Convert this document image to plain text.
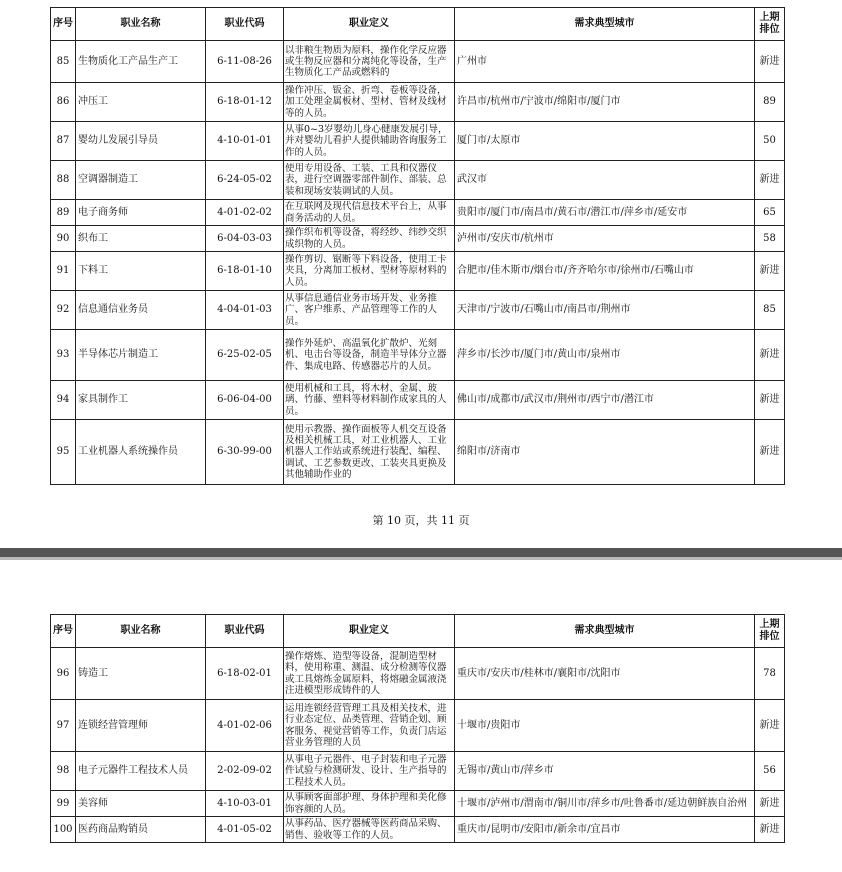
序号	职业名称	职业代码	职业定义	需求典型城市	上期排位
85	生物质化工产品生产工	6-11-08-26	以非粮生物质为原料，操作化学反应器或生物反应器和分离纯化等设备，生产生物质化工产品或燃料的	广州市	新进
86	冲压工	6-18-01-12	操作冲压、钣金、折弯、卷板等设备，加工处理金属板材、型材、管材及线材等的人员。	许昌市/杭州市/宁波市/绵阳市/厦门市	89
87	婴幼儿发展引导员	4-10-01-01	从事0~3岁婴幼儿身心健康发展引导，并对婴幼儿看护人提供辅助咨询服务工作的人员。	厦门市/太原市	50
88	空调器制造工	6-24-05-02	使用专用设备、工装、工具和仪器仪表，进行空调器零部件制作、部装、总装和现场安装调试的人员。	武汉市	新进
89	电子商务师	4-01-02-02	在互联网及现代信息技术平台上，从事商务活动的人员。	贵阳市/厦门市/南昌市/黄石市/潜江市/萍乡市/延安市	65
90	织布工	6-04-03-03	操作织布机等设备，将经纱、纬纱交织成织物的人员。	泸州市/安庆市/杭州市	58
91	下料工	6-18-01-10	操作剪切、锯断等下料设备，使用工卡夹具，分离加工板材、型材等原材料的人员。	合肥市/佳木斯市/烟台市/齐齐哈尔市/徐州市/石嘴山市	新进
92	信息通信业务员	4-04-01-03	从事信息通信业务市场开发、业务推广、客户维系、产品管理等工作的人员。	天津市/宁波市/石嘴山市/南昌市/荆州市	85
93	半导体芯片制造工	6-25-02-05	操作外延炉、高温氧化扩散炉、光刻机、电击台等设备，制造半导体分立器件、集成电路、传感器芯片的人员。	萍乡市/长沙市/厦门市/黄山市/泉州市	新进
94	家具制作工	6-06-04-00	使用机械和工具，将木材、金属、玻璃、竹藤、塑料等材料制作成家具的人员。	佛山市/成都市/武汉市/荆州市/西宁市/潜江市	新进
95	工业机器人系统操作员	6-30-99-00	使用示教器、操作面板等人机交互设备及相关机械工具，对工业机器人、工业机器人工作站或系统进行装配、编程、调试、工艺参数更改、工装夹具更换及其他辅助作业的	绵阳市/济南市	新进
第 10 页，共 11 页
序号	职业名称	职业代码	职业定义	需求典型城市	上期排位
96	铸造工	6-18-02-01	操作熔炼、造型等设备，混制造型材料，使用称重、测温、成分检测等仪器或工具熔炼金属原料，将熔融金属液浇注进模型形成铸件的人	重庆市/安庆市/桂林市/襄阳市/沈阳市	78
97	连锁经营管理师	4-01-02-06	运用连锁经营管理工具及相关技术，进行业态定位、品类管理、营销企划、顾客服务、视觉营销等工作，负责门店运营业务管理的人员	十堰市/贵阳市	新进
98	电子元器件工程技术人员	2-02-09-02	从事电子元器件、电子封装和电子元器件试验与检测研发、设计、生产指导的工程技术人员。	无锡市/黄山市/萍乡市	56
99	美容师	4-10-03-01	从事顾客面部护理、身体护理和美化修饰容颜的人员。	十堰市/泸州市/渭南市/铜川市/萍乡市/吐鲁番市/延边朝鲜族自治州	新进
100	医药商品购销员	4-01-05-02	从事药品、医疗器械等医药商品采购、销售、验收等工作的人员。	重庆市/昆明市/安阳市/新余市/宜昌市	新进
